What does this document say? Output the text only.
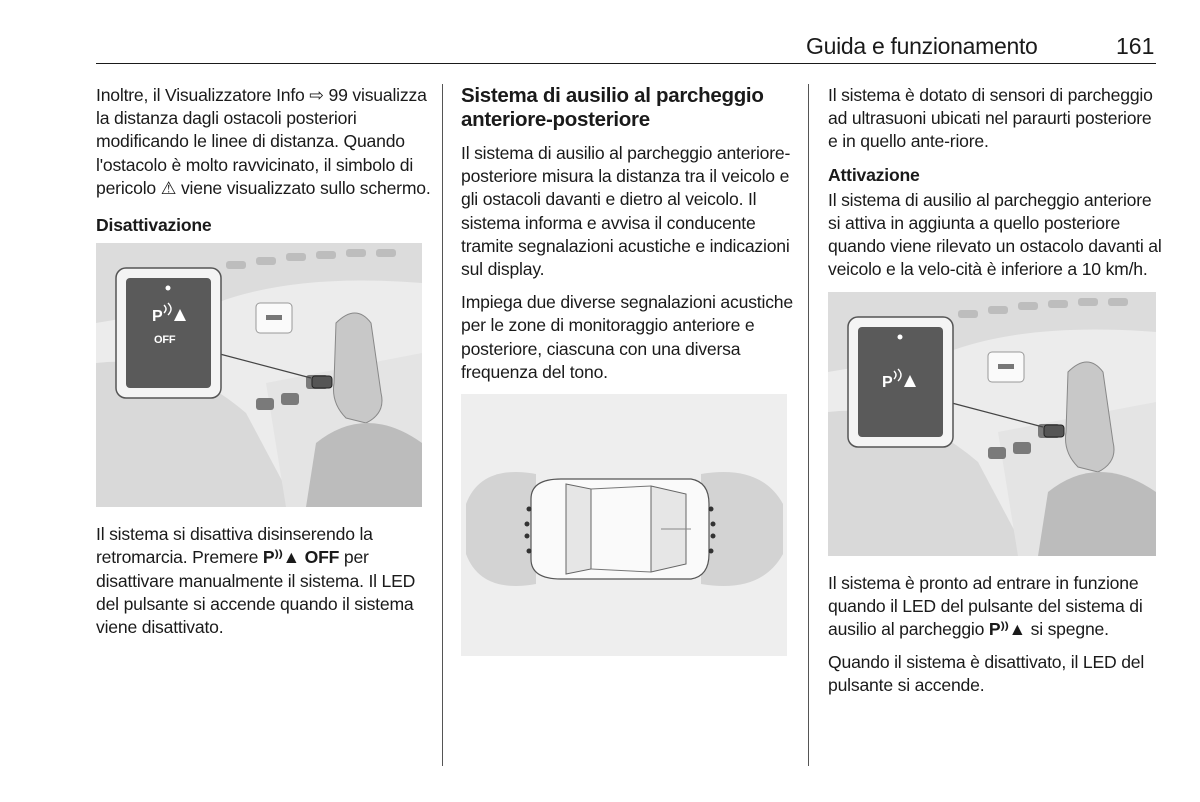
Guida e funzionamento	161

Inoltre, il Visualizzatore Info ⇨ 99 visualizza la distanza dagli ostacoli posteriori modificando le linee di distanza. Quando l'ostacolo è molto ravvicinato, il simbolo di pericolo ⚠ viene visualizzato sullo schermo.

Disattivazione
P
OFF

Il sistema si disattiva disinserendo la retromarcia. Premere P⁾⁾▲ OFF per disattivare manualmente il sistema. Il LED del pulsante si accende quando il sistema viene disattivato.

Sistema di ausilio al parcheggio anteriore-posteriore

Il sistema di ausilio al parcheggio anteriore-posteriore misura la distanza tra il veicolo e gli ostacoli davanti e dietro al veicolo. Il sistema informa e avvisa il conducente tramite segnalazioni acustiche e indicazioni sul display.

Impiega due diverse segnalazioni acustiche per le zone di monitoraggio anteriore e posteriore, ciascuna con una diversa frequenza del tono.

Il sistema è dotato di sensori di parcheggio ad ultrasuoni ubicati nel paraurti posteriore e in quello ante-riore.

Attivazione

Il sistema di ausilio al parcheggio anteriore si attiva in aggiunta a quello posteriore quando viene rilevato un ostacolo davanti al veicolo e la velo-cità è inferiore a 10 km/h.

P

Il sistema è pronto ad entrare in funzione quando il LED del pulsante del sistema di ausilio al parcheggio P⁾⁾▲ si spegne.

Quando il sistema è disattivato, il LED del pulsante si accende.
